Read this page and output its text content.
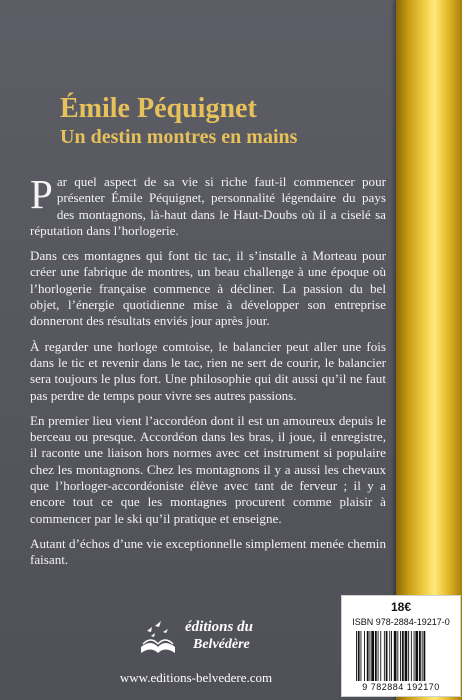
Émile Péquignet
Un destin montres en mains

Par quel aspect de sa vie si riche faut-il commencer pour présenter Émile Péquignet, personnalité légendaire du pays des montagnons, là-haut dans le Haut-Doubs où il a ciselé sa réputation dans l’horlogerie.

Dans ces montagnes qui font tic tac, il s’installe à Morteau pour créer une fabrique de montres, un beau challenge à une époque où l’horlogerie française commence à décliner. La passion du bel objet, l’énergie quotidienne mise à développer son entreprise donneront des résultats enviés jour après jour.

À regarder une horloge comtoise, le balancier peut aller une fois dans le tic et revenir dans le tac, rien ne sert de courir, le balancier sera toujours le plus fort. Une philosophie qui dit aussi qu’il ne faut pas perdre de temps pour vivre ses autres passions.

En premier lieu vient l’accordéon dont il est un amoureux depuis le berceau ou presque. Accordéon dans les bras, il joue, il enregistre, il raconte une liaison hors normes avec cet instrument si populaire chez les montagnons. Chez les montagnons il y a aussi les chevaux que l’horloger-accordéoniste élève avec tant de ferveur ; il y a encore tout ce que les montagnes procurent comme plaisir à commencer par le ski qu’il pratique et enseigne.

Autant d’échos d’une vie exceptionnelle simplement menée chemin faisant.

éditions du
Belvédère
www.editions-belvedere.com
18€
ISBN 978-2884-19217-0
9 782884 192170
